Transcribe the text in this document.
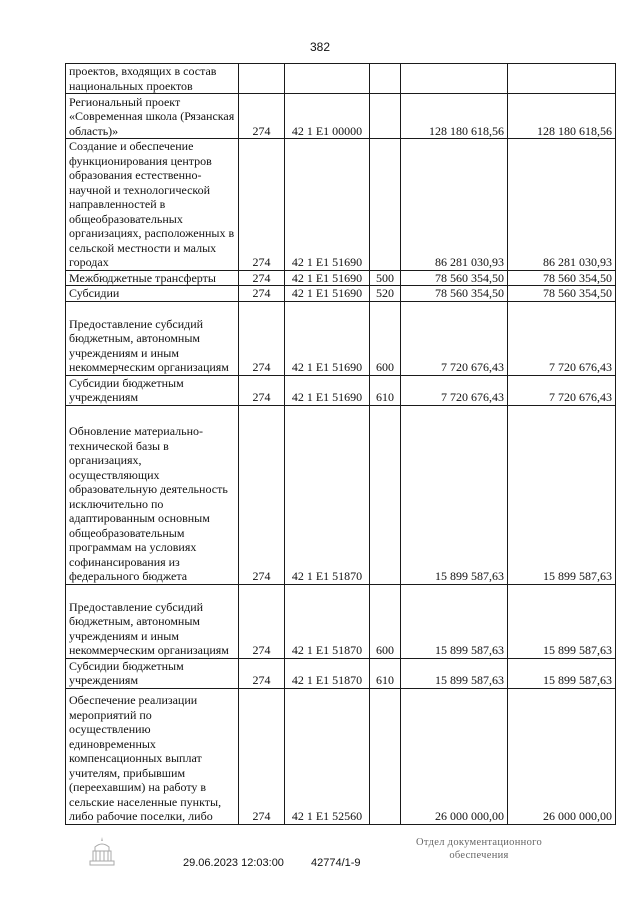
382
проектов, входящих в состав национальных проектов					
Региональный проект «Современная школа (Рязанская область)»	274	42 1 E1 00000		128 180 618,56	128 180 618,56
Создание и обеспечение функционирования центров образования естественно-научной и технологической направленностей в общеобразовательных организациях, расположенных в сельской местности и малых городах	274	42 1 E1 51690		86 281 030,93	86 281 030,93
Межбюджетные трансферты	274	42 1 E1 51690	500	78 560 354,50	78 560 354,50
Субсидии	274	42 1 E1 51690	520	78 560 354,50	78 560 354,50
Предоставление субсидий бюджетным, автономным учреждениям и иным некоммерческим организациям	274	42 1 E1 51690	600	7 720 676,43	7 720 676,43
Субсидии бюджетным учреждениям	274	42 1 E1 51690	610	7 720 676,43	7 720 676,43
Обновление материально-технической базы в организациях, осуществляющих образовательную деятельность исключительно по адаптированным основным общеобразовательным программам на условиях софинансирования из федерального бюджета	274	42 1 E1 51870		15 899 587,63	15 899 587,63
Предоставление субсидий бюджетным, автономным учреждениям и иным некоммерческим организациям	274	42 1 E1 51870	600	15 899 587,63	15 899 587,63
Субсидии бюджетным учреждениям	274	42 1 E1 51870	610	15 899 587,63	15 899 587,63
Обеспечение реализации мероприятий по осуществлению единовременных компенсационных выплат учителям, прибывшим (переехавшим) на работу в сельские населенные пункты, либо рабочие поселки, либо	274	42 1 E1 52560		26 000 000,00	26 000 000,00
29.06.2023 12:03:00 42774/1-9
Отдел документационного
обеспечения
